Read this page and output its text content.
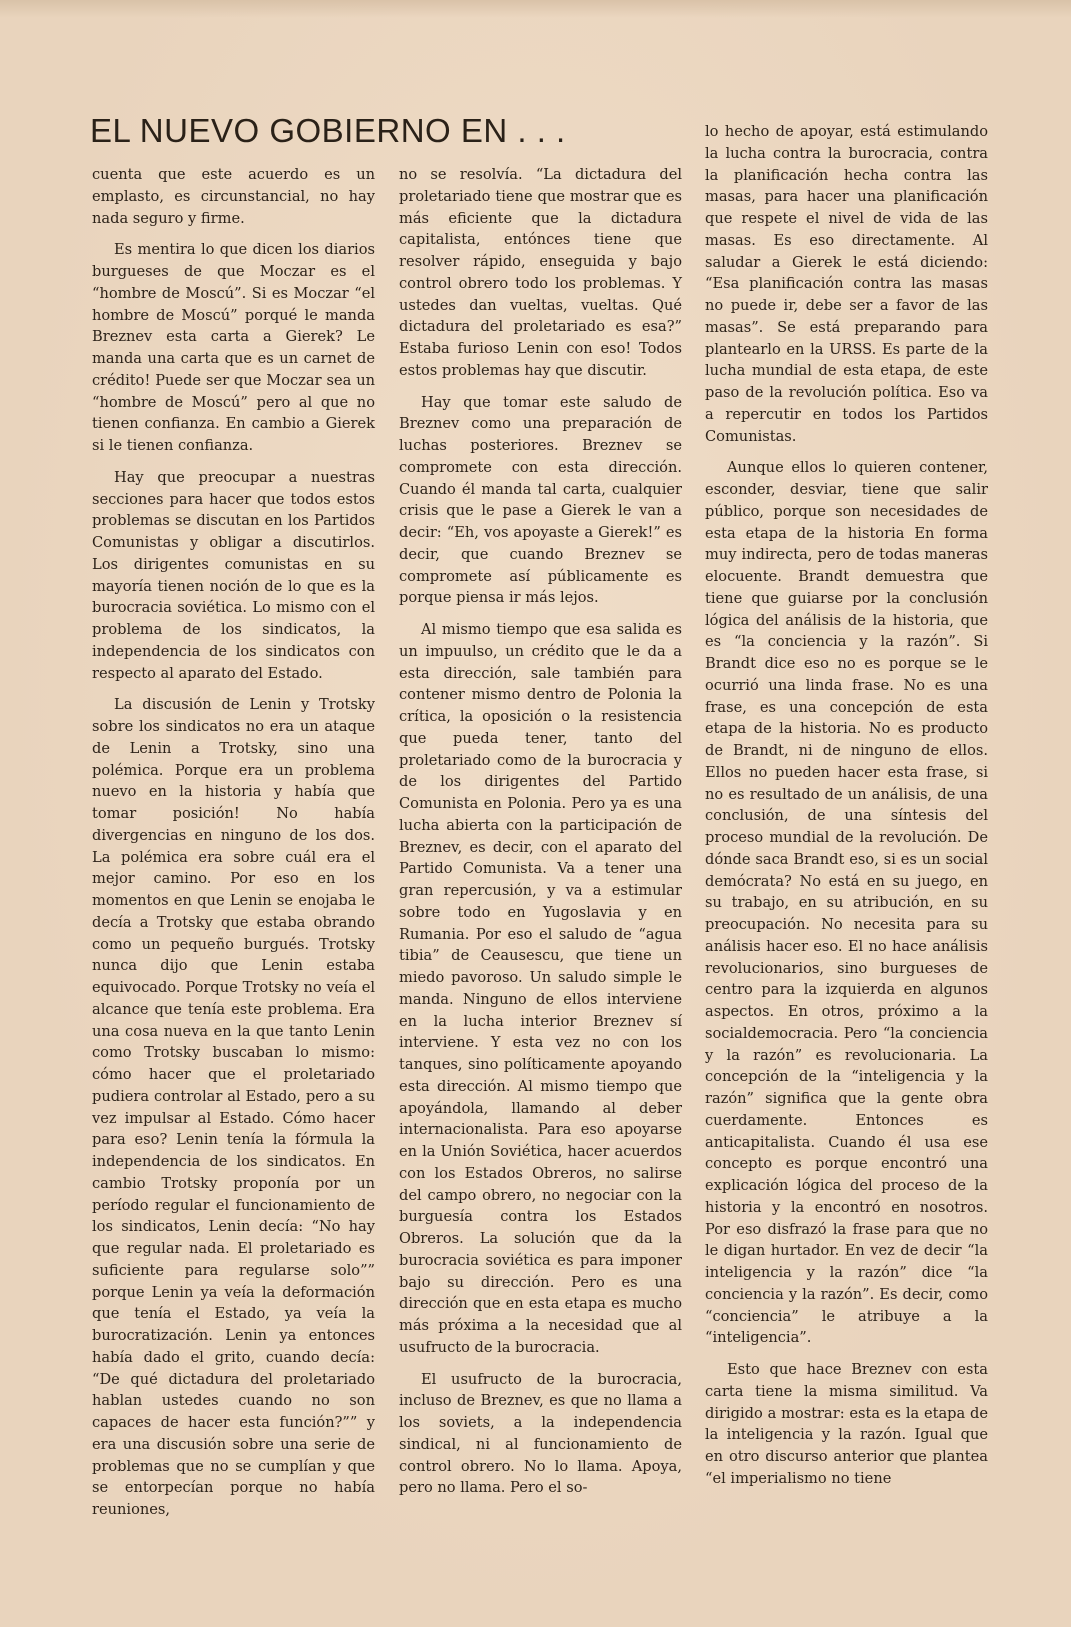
EL NUEVO GOBIERNO EN . . .

cuenta que este acuerdo es un emplasto, es circunstancial, no hay nada seguro y firme.

Es mentira lo que dicen los diarios burgueses de que Moczar es el “hombre de Moscú”. Si es Moczar “el hombre de Moscú” porqué le manda Breznev esta carta a Gierek? Le manda una carta que es un carnet de crédito! Puede ser que Moczar sea un “hombre de Moscú” pero al que no tienen confianza. En cambio a Gierek si le tienen confianza.

Hay que preocupar a nuestras secciones para hacer que todos estos problemas se discutan en los Partidos Comunistas y obligar a discutirlos. Los dirigentes comunistas en su mayoría tienen noción de lo que es la burocracia soviética. Lo mismo con el problema de los sindicatos, la independencia de los sindicatos con respecto al aparato del Estado.

La discusión de Lenin y Trotsky sobre los sindicatos no era un ataque de Lenin a Trotsky, sino una polémica. Porque era un problema nuevo en la historia y había que tomar posición! No había divergencias en ninguno de los dos. La polémica era sobre cuál era el mejor camino. Por eso en los momentos en que Lenin se enojaba le decía a Trotsky que estaba obrando como un pequeño burgués. Trotsky nunca dijo que Lenin estaba equivocado. Porque Trotsky no veía el alcance que tenía este problema. Era una cosa nueva en la que tanto Lenin como Trotsky buscaban lo mismo: cómo hacer que el proletariado pudiera controlar al Estado, pero a su vez impulsar al Estado. Cómo hacer para eso? Lenin tenía la fórmula la independencia de los sindicatos. En cambio Trotsky proponía por un período regular el funcionamiento de los sindicatos, Lenin decía: “No hay que regular nada. El proletariado es suficiente para regularse solo”” porque Lenin ya veía la deformación que tenía el Estado, ya veía la burocratización. Lenin ya entonces había dado el grito, cuando decía: “De qué dictadura del proletariado hablan ustedes cuando no son capaces de hacer esta función?”” y era una discusión sobre una serie de problemas que no se cumplían y que se entorpecían porque no había reuniones,

no se resolvía. “La dictadura del proletariado tiene que mostrar que es más eficiente que la dictadura capitalista, entónces tiene que resolver rápido, enseguida y bajo control obrero todo los problemas. Y ustedes dan vueltas, vueltas. Qué dictadura del proletariado es esa?” Estaba furioso Lenin con eso! Todos estos problemas hay que discutir.

Hay que tomar este saludo de Breznev como una preparación de luchas posteriores. Breznev se compromete con esta dirección. Cuando él manda tal carta, cualquier crisis que le pase a Gierek le van a decir: “Eh, vos apoyaste a Gierek!” es decir, que cuando Breznev se compromete así públicamente es porque piensa ir más lejos.

Al mismo tiempo que esa salida es un impuulso, un crédito que le da a esta dirección, sale también para contener mismo dentro de Polonia la crítica, la oposición o la resistencia que pueda tener, tanto del proletariado como de la burocracia y de los dirigentes del Partido Comunista en Polonia. Pero ya es una lucha abierta con la participación de Breznev, es decir, con el aparato del Partido Comunista. Va a tener una gran repercusión, y va a estimular sobre todo en Yugoslavia y en Rumania. Por eso el saludo de “agua tibia” de Ceausescu, que tiene un miedo pavoroso. Un saludo simple le manda. Ninguno de ellos interviene en la lucha interior Breznev sí interviene. Y esta vez no con los tanques, sino políticamente apoyando esta dirección. Al mismo tiempo que apoyándola, llamando al deber internacionalista. Para eso apoyarse en la Unión Soviética, hacer acuerdos con los Estados Obreros, no salirse del campo obrero, no negociar con la burguesía contra los Estados Obreros. La solución que da la burocracia soviética es para imponer bajo su dirección. Pero es una dirección que en esta etapa es mucho más próxima a la necesidad que al usufructo de la burocracia.

El usufructo de la burocracia, incluso de Breznev, es que no llama a los soviets, a la independencia sindical, ni al funcionamiento de control obrero. No lo llama. Apoya, pero no llama. Pero el so-

lo hecho de apoyar, está estimulando la lucha contra la burocracia, contra la planificación hecha contra las masas, para hacer una planificación que respete el nivel de vida de las masas. Es eso directamente. Al saludar a Gierek le está diciendo: “Esa planificación contra las masas no puede ir, debe ser a favor de las masas”. Se está preparando para plantearlo en la URSS. Es parte de la lucha mundial de esta etapa, de este paso de la revolución política. Eso va a repercutir en todos los Partidos Comunistas.

Aunque ellos lo quieren contener, esconder, desviar, tiene que salir público, porque son necesidades de esta etapa de la historia En forma muy indirecta, pero de todas maneras elocuente. Brandt demuestra que tiene que guiarse por la conclusión lógica del análisis de la historia, que es “la conciencia y la razón”. Si Brandt dice eso no es porque se le ocurrió una linda frase. No es una frase, es una concepción de esta etapa de la historia. No es producto de Brandt, ni de ninguno de ellos. Ellos no pueden hacer esta frase, si no es resultado de un análisis, de una conclusión, de una síntesis del proceso mundial de la revolución. De dónde saca Brandt eso, si es un social demócrata? No está en su juego, en su trabajo, en su atribución, en su preocupación. No necesita para su análisis hacer eso. El no hace análisis revolucionarios, sino burgueses de centro para la izquierda en algunos aspectos. En otros, próximo a la socialdemocracia. Pero “la conciencia y la razón” es revolucionaria. La concepción de la “inteligencia y la razón” significa que la gente obra cuerdamente. Entonces es anticapitalista. Cuando él usa ese concepto es porque encontró una explicación lógica del proceso de la historia y la encontró en nosotros. Por eso disfrazó la frase para que no le digan hurtador. En vez de decir “la inteligencia y la razón” dice “la conciencia y la razón”. Es decir, como “conciencia” le atribuye a la “inteligencia”.

Esto que hace Breznev con esta carta tiene la misma similitud. Va dirigido a mostrar: esta es la etapa de la inteligencia y la razón. Igual que en otro discurso anterior que plantea “el imperialismo no tiene
